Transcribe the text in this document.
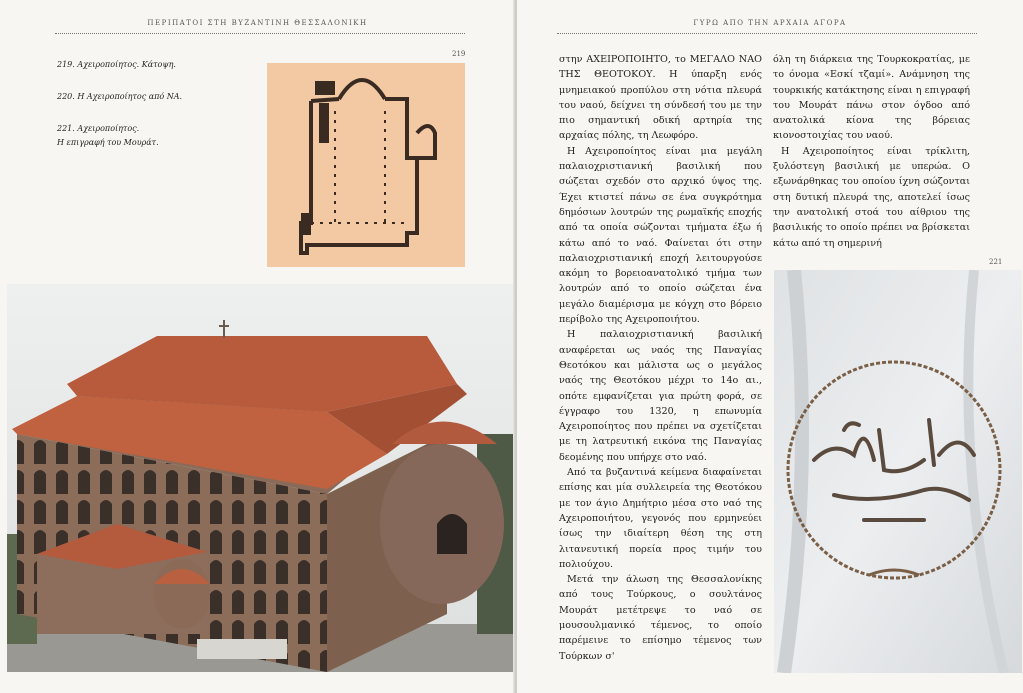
ΠΕΡΙΠΑΤΟΙ ΣΤΗ ΒΥΖΑΝΤΙΝΗ ΘΕΣΣΑΛΟΝΙΚΗ
219. Αχειροποίητος. Κάτοψη.
220. Η Αχειροποίητος από ΝΑ.
221. Αχειροποίητος.
Η επιγραφή του Μουράτ.
219
ΓΥΡΩ ΑΠΟ ΤΗΝ ΑΡΧΑΙΑ ΑΓΟΡΑ

στην ΑΧΕΙΡΟΠΟΙΗΤΟ, το ΜΕΓΑΛΟ ΝΑΟ ΤΗΣ ΘΕΟΤΟΚΟΥ. Η ύπαρξη ενός μνημειακού προπύλου στη νότια πλευρά του ναού, δείχνει τη σύνδεσή του με την πιο σημαντική οδική αρτηρία της αρχαίας πόλης, τη Λεωφόρο.

Η Αχειροποίητος είναι μια μεγάλη παλαιοχριστιανική βασιλική που σώζεται σχεδόν στο αρχικό ύψος της. Έχει κτιστεί πάνω σε ένα συγκρότημα δημόσιων λουτρών της ρωμαϊκής εποχής από τα οποία σώζονται τμήματα έξω ή κάτω από το ναό. Φαίνεται ότι στην παλαιοχριστιανική εποχή λειτουργούσε ακόμη το βορειοανατολικό τμήμα των λουτρών από το οποίο σώζεται ένα μεγάλο διαμέρισμα με κόγχη στο βόρειο περίβολο της Αχειροποιήτου.

Η παλαιοχριστιανική βασιλική αναφέρεται ως ναός της Παναγίας Θεοτόκου και μάλιστα ως ο μεγάλος ναός της Θεοτόκου μέχρι το 14ο αι., οπότε εμφανίζεται για πρώτη φορά, σε έγγραφο του 1320, η επωνυμία Αχειροποίητος που πρέπει να σχετίζεται με τη λατρευτική εικόνα της Παναγίας δεομένης που υπήρχε στο ναό.

Από τα βυζαντινά κείμενα διαφαίνεται επίσης και μία συλλειρεία της Θεοτόκου με τον άγιο Δημήτριο μέσα στο ναό της Αχειροποιήτου, γεγονός που ερμηνεύει ίσως την ιδιαίτερη θέση της στη λιτανευτική πορεία προς τιμήν του πολιούχου.

Μετά την άλωση της Θεσσαλονίκης από τους Τούρκους, ο σουλτάνος Μουράτ μετέτρεψε το ναό σε μουσουλμανικό τέμενος, το οποίο παρέμεινε το επίσημο τέμενος των Τούρκων σ'

όλη τη διάρκεια της Τουρκοκρατίας, με το όνομα «Εσκί τζαμί». Ανάμνηση της τουρκικής κατάκτησης είναι η επιγραφή του Μουράτ πάνω στον όγδοο από ανατολικά κίονα της βόρειας κιονοστοιχίας του ναού.

Η Αχειροποίητος είναι τρίκλιτη, ξυλόστεγη βασιλική με υπερώα. Ο εξωνάρθηκας του οποίου ίχνη σώζονται στη δυτική πλευρά της, αποτελεί ίσως την ανατολική στοά του αίθριου της βασιλικής το οποίο πρέπει να βρίσκεται κάτω από τη σημερινή

221
